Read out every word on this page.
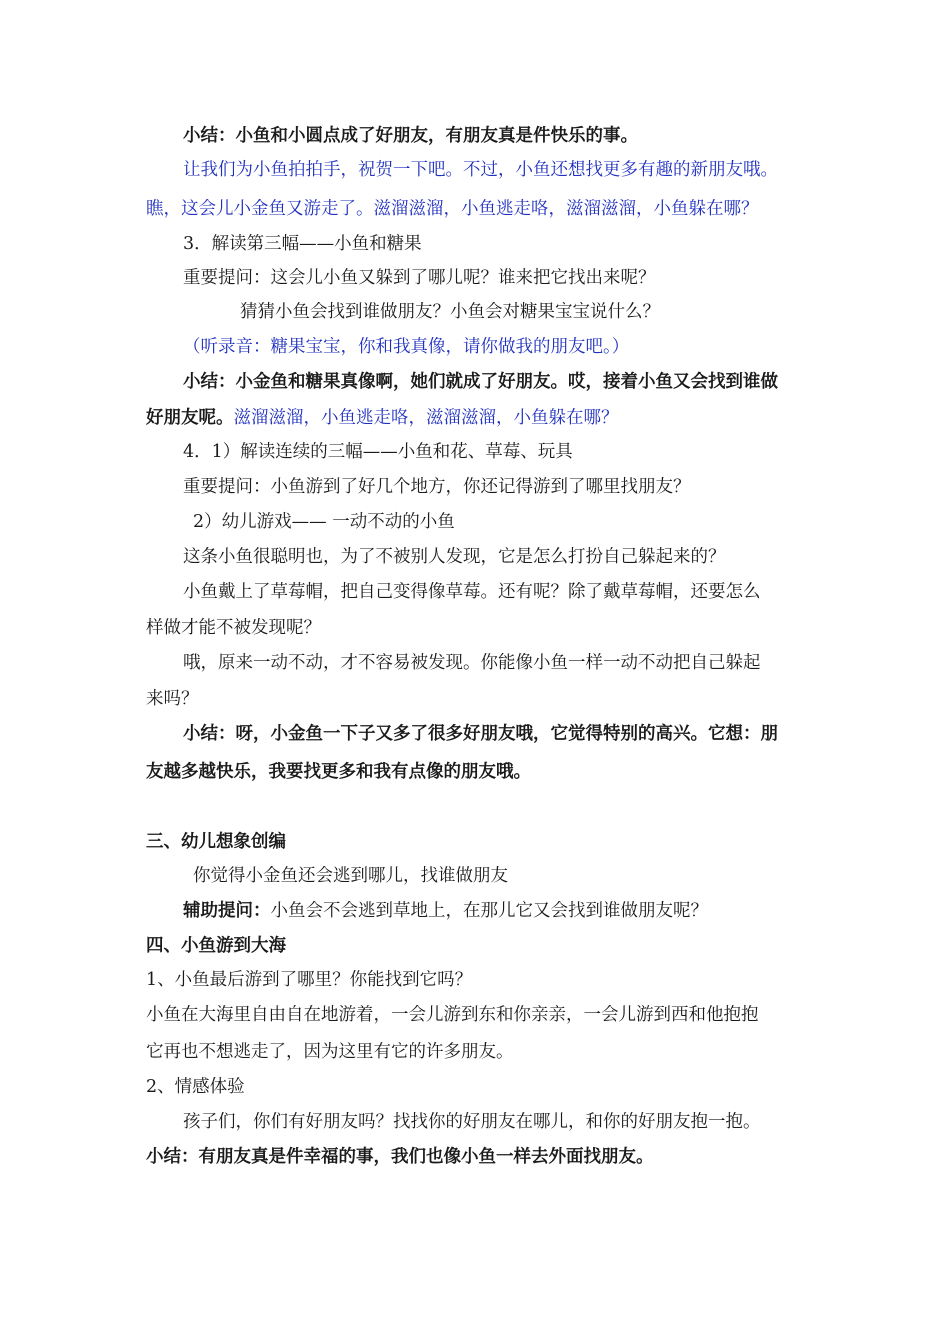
小结：小鱼和小圆点成了好朋友，有朋友真是件快乐的事。
让我们为小鱼拍拍手，祝贺一下吧。不过，小鱼还想找更多有趣的新朋友哦。
瞧，这会儿小金鱼又游走了。滋溜滋溜，小鱼逃走咯，滋溜滋溜，小鱼躲在哪？
3．解读第三幅——小鱼和糖果
重要提问：这会儿小鱼又躲到了哪儿呢？谁来把它找出来呢？
猜猜小鱼会找到谁做朋友？小鱼会对糖果宝宝说什么？
（听录音：糖果宝宝，你和我真像，请你做我的朋友吧。）
小结：小金鱼和糖果真像啊，她们就成了好朋友。哎，接着小鱼又会找到谁做
好朋友呢。滋溜滋溜，小鱼逃走咯，滋溜滋溜，小鱼躲在哪？
4．1）解读连续的三幅——小鱼和花、草莓、玩具
重要提问：小鱼游到了好几个地方，你还记得游到了哪里找朋友？
2）幼儿游戏—— 一动不动的小鱼
这条小鱼很聪明也，为了不被别人发现，它是怎么打扮自己躲起来的？
小鱼戴上了草莓帽，把自己变得像草莓。还有呢？除了戴草莓帽，还要怎么
样做才能不被发现呢？
哦，原来一动不动，才不容易被发现。你能像小鱼一样一动不动把自己躲起
来吗？
小结：呀，小金鱼一下子又多了很多好朋友哦，它觉得特别的高兴。它想：朋
友越多越快乐，我要找更多和我有点像的朋友哦。
三、幼儿想象创编
你觉得小金鱼还会逃到哪儿，找谁做朋友
辅助提问：小鱼会不会逃到草地上，在那儿它又会找到谁做朋友呢？
四、小鱼游到大海
1、小鱼最后游到了哪里？你能找到它吗？
小鱼在大海里自由自在地游着，一会儿游到东和你亲亲，一会儿游到西和他抱抱
它再也不想逃走了，因为这里有它的许多朋友。
2、情感体验
孩子们，你们有好朋友吗？找找你的好朋友在哪儿，和你的好朋友抱一抱。
小结：有朋友真是件幸福的事，我们也像小鱼一样去外面找朋友。
